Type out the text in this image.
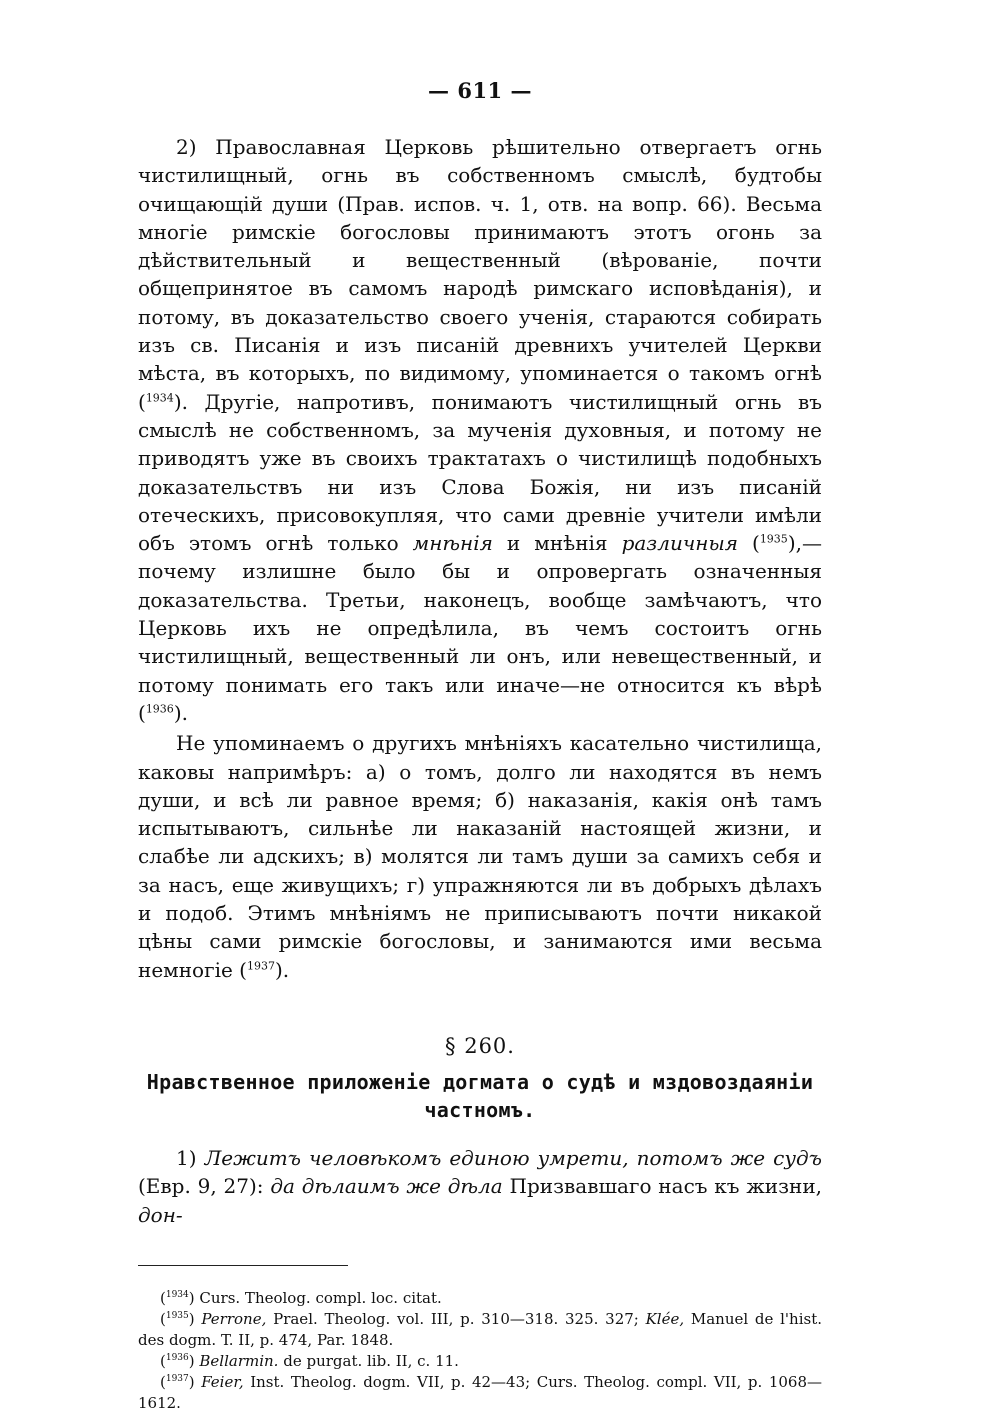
— 611 —

2) Православная Церковь рѣшительно отвергаетъ огнь чистилищный, огнь въ собственномъ смыслѣ, будтобы очищающій души (Прав. испов. ч. 1, отв. на вопр. 66). Весьма многіе римскіе богословы принимаютъ этотъ огонь за дѣйствительный и вещественный (вѣрованіе, почти общепринятое въ самомъ народѣ римскаго исповѣданія), и потому, въ доказательство своего ученія, стараются собирать изъ св. Писанія и изъ писаній древнихъ учителей Церкви мѣста, въ которыхъ, по видимому, упоминается о такомъ огнѣ ($^{1934}$). Другіе, напротивъ, понимаютъ чистилищный огнь въ смыслѣ не собственномъ, за мученія духовныя, и потому не приводятъ уже въ своихъ трактатахъ о чистилищѣ подобныхъ доказательствъ ни изъ Слова Божія, ни изъ писаній отеческихъ, присовокупляя, что сами древніе учители имѣли объ этомъ огнѣ только мнѣнія и мнѣнія различныя ($^{1935}$),—почему излишне было бы и опровергать означенныя доказательства. Третьи, наконецъ, вообще замѣчаютъ, что Церковь ихъ не опредѣлила, въ чемъ состоитъ огнь чистилищный, вещественный ли онъ, или невещественный, и потому понимать его такъ или иначе—не относится къ вѣрѣ ($^{1936}$).

Не упоминаемъ о другихъ мнѣніяхъ касательно чистилища, каковы напримѣръ: а) о томъ, долго ли находятся въ немъ души, и всѣ ли равное время; б) наказанія, какія онѣ тамъ испытываютъ, сильнѣе ли наказаній настоящей жизни, и слабѣе ли адскихъ; в) молятся ли тамъ души за самихъ себя и за насъ, еще живущихъ; г) упражняются ли въ добрыхъ дѣлахъ и подоб. Этимъ мнѣніямъ не приписываютъ почти никакой цѣны сами римскіе богословы, и занимаются ими весьма немногіе ($^{1937}$).

§ 260.
Нравственное приложеніе догмата о судѣ и мздовоздаяніи частномъ.

1) Лежитъ человѣкомъ единою умрети, потомъ же судъ (Евр. 9, 27): да дѣлаимъ же дѣла Призвавшаго насъ къ жизни, дон-

($^{1934}$) Curs. Theolog. compl. loc. citat.

($^{1935}$) Perrone, Prael. Theolog. vol. III, p. 310—318. 325. 327; Klée, Manuel de l'hist. des dogm. T. II, p. 474, Par. 1848.

($^{1936}$) Bellarmin. de purgat. lib. II, c. 11.

($^{1937}$) Feier, Inst. Theolog. dogm. VII, p. 42—43; Curs. Theolog. compl. VII, p. 1068—1612.
